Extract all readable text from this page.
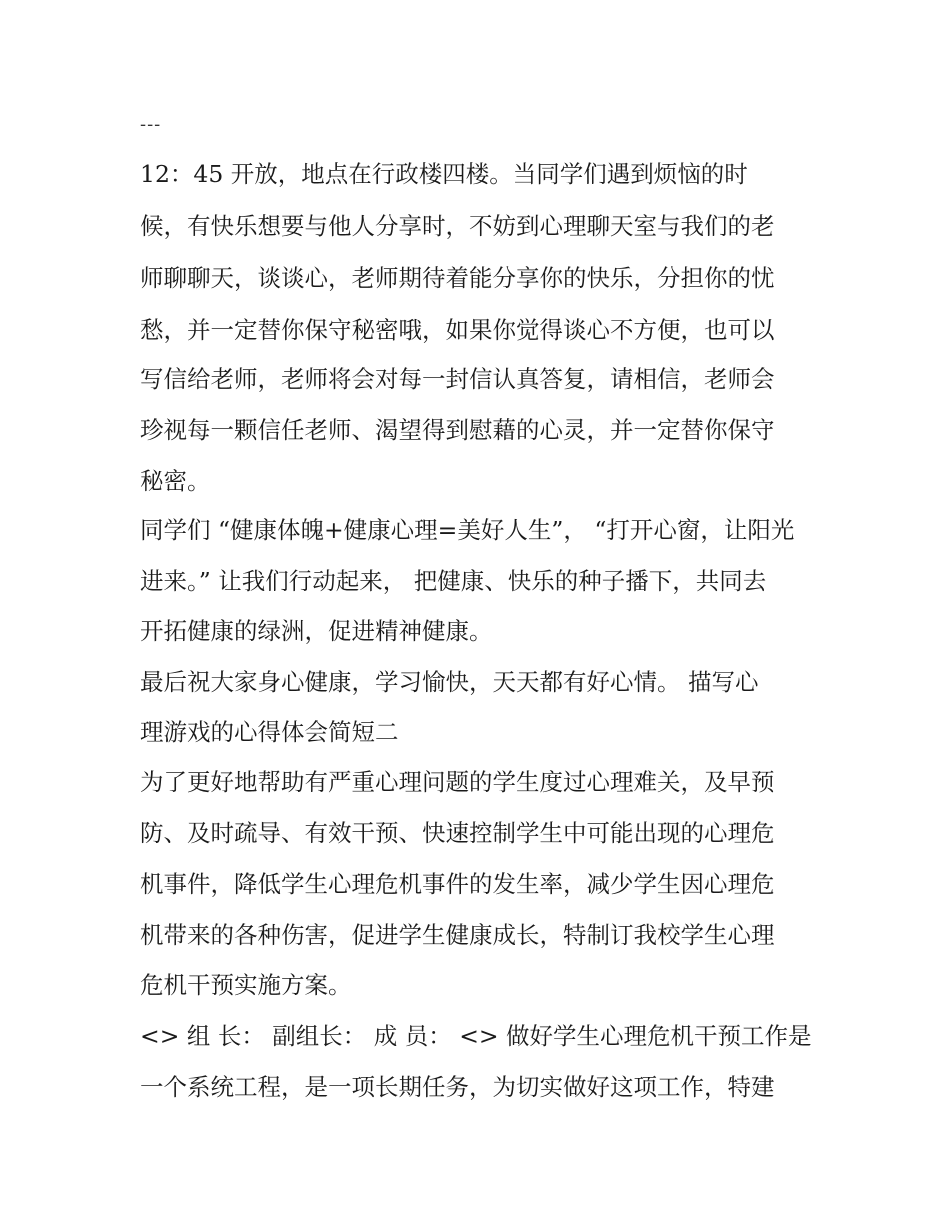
---
12：45 开放，地点在行政楼四楼。当同学们遇到烦恼的时
候，有快乐想要与他人分享时，不妨到心理聊天室与我们的老
师聊聊天，谈谈心，老师期待着能分享你的快乐，分担你的忧
愁，并一定替你保守秘密哦，如果你觉得谈心不方便，也可以
写信给老师，老师将会对每一封信认真答复，请相信，老师会
珍视每一颗信任老师、渴望得到慰藉的心灵，并一定替你保守
秘密。
同学们 “健康体魄+健康心理=美好人生”， “打开心窗，让阳光
进来。” 让我们行动起来， 把健康、快乐的种子播下，共同去
开拓健康的绿洲，促进精神健康。
最后祝大家身心健康，学习愉快，天天都有好心情。 描写心
理游戏的心得体会简短二
为了更好地帮助有严重心理问题的学生度过心理难关，及早预
防、及时疏导、有效干预、快速控制学生中可能出现的心理危
机事件，降低学生心理危机事件的发生率，减少学生因心理危
机带来的各种伤害，促进学生健康成长，特制订我校学生心理
危机干预实施方案。
<> 组 长： 副组长： 成 员： <> 做好学生心理危机干预工作是
一个系统工程，是一项长期任务，为切实做好这项工作，特建
